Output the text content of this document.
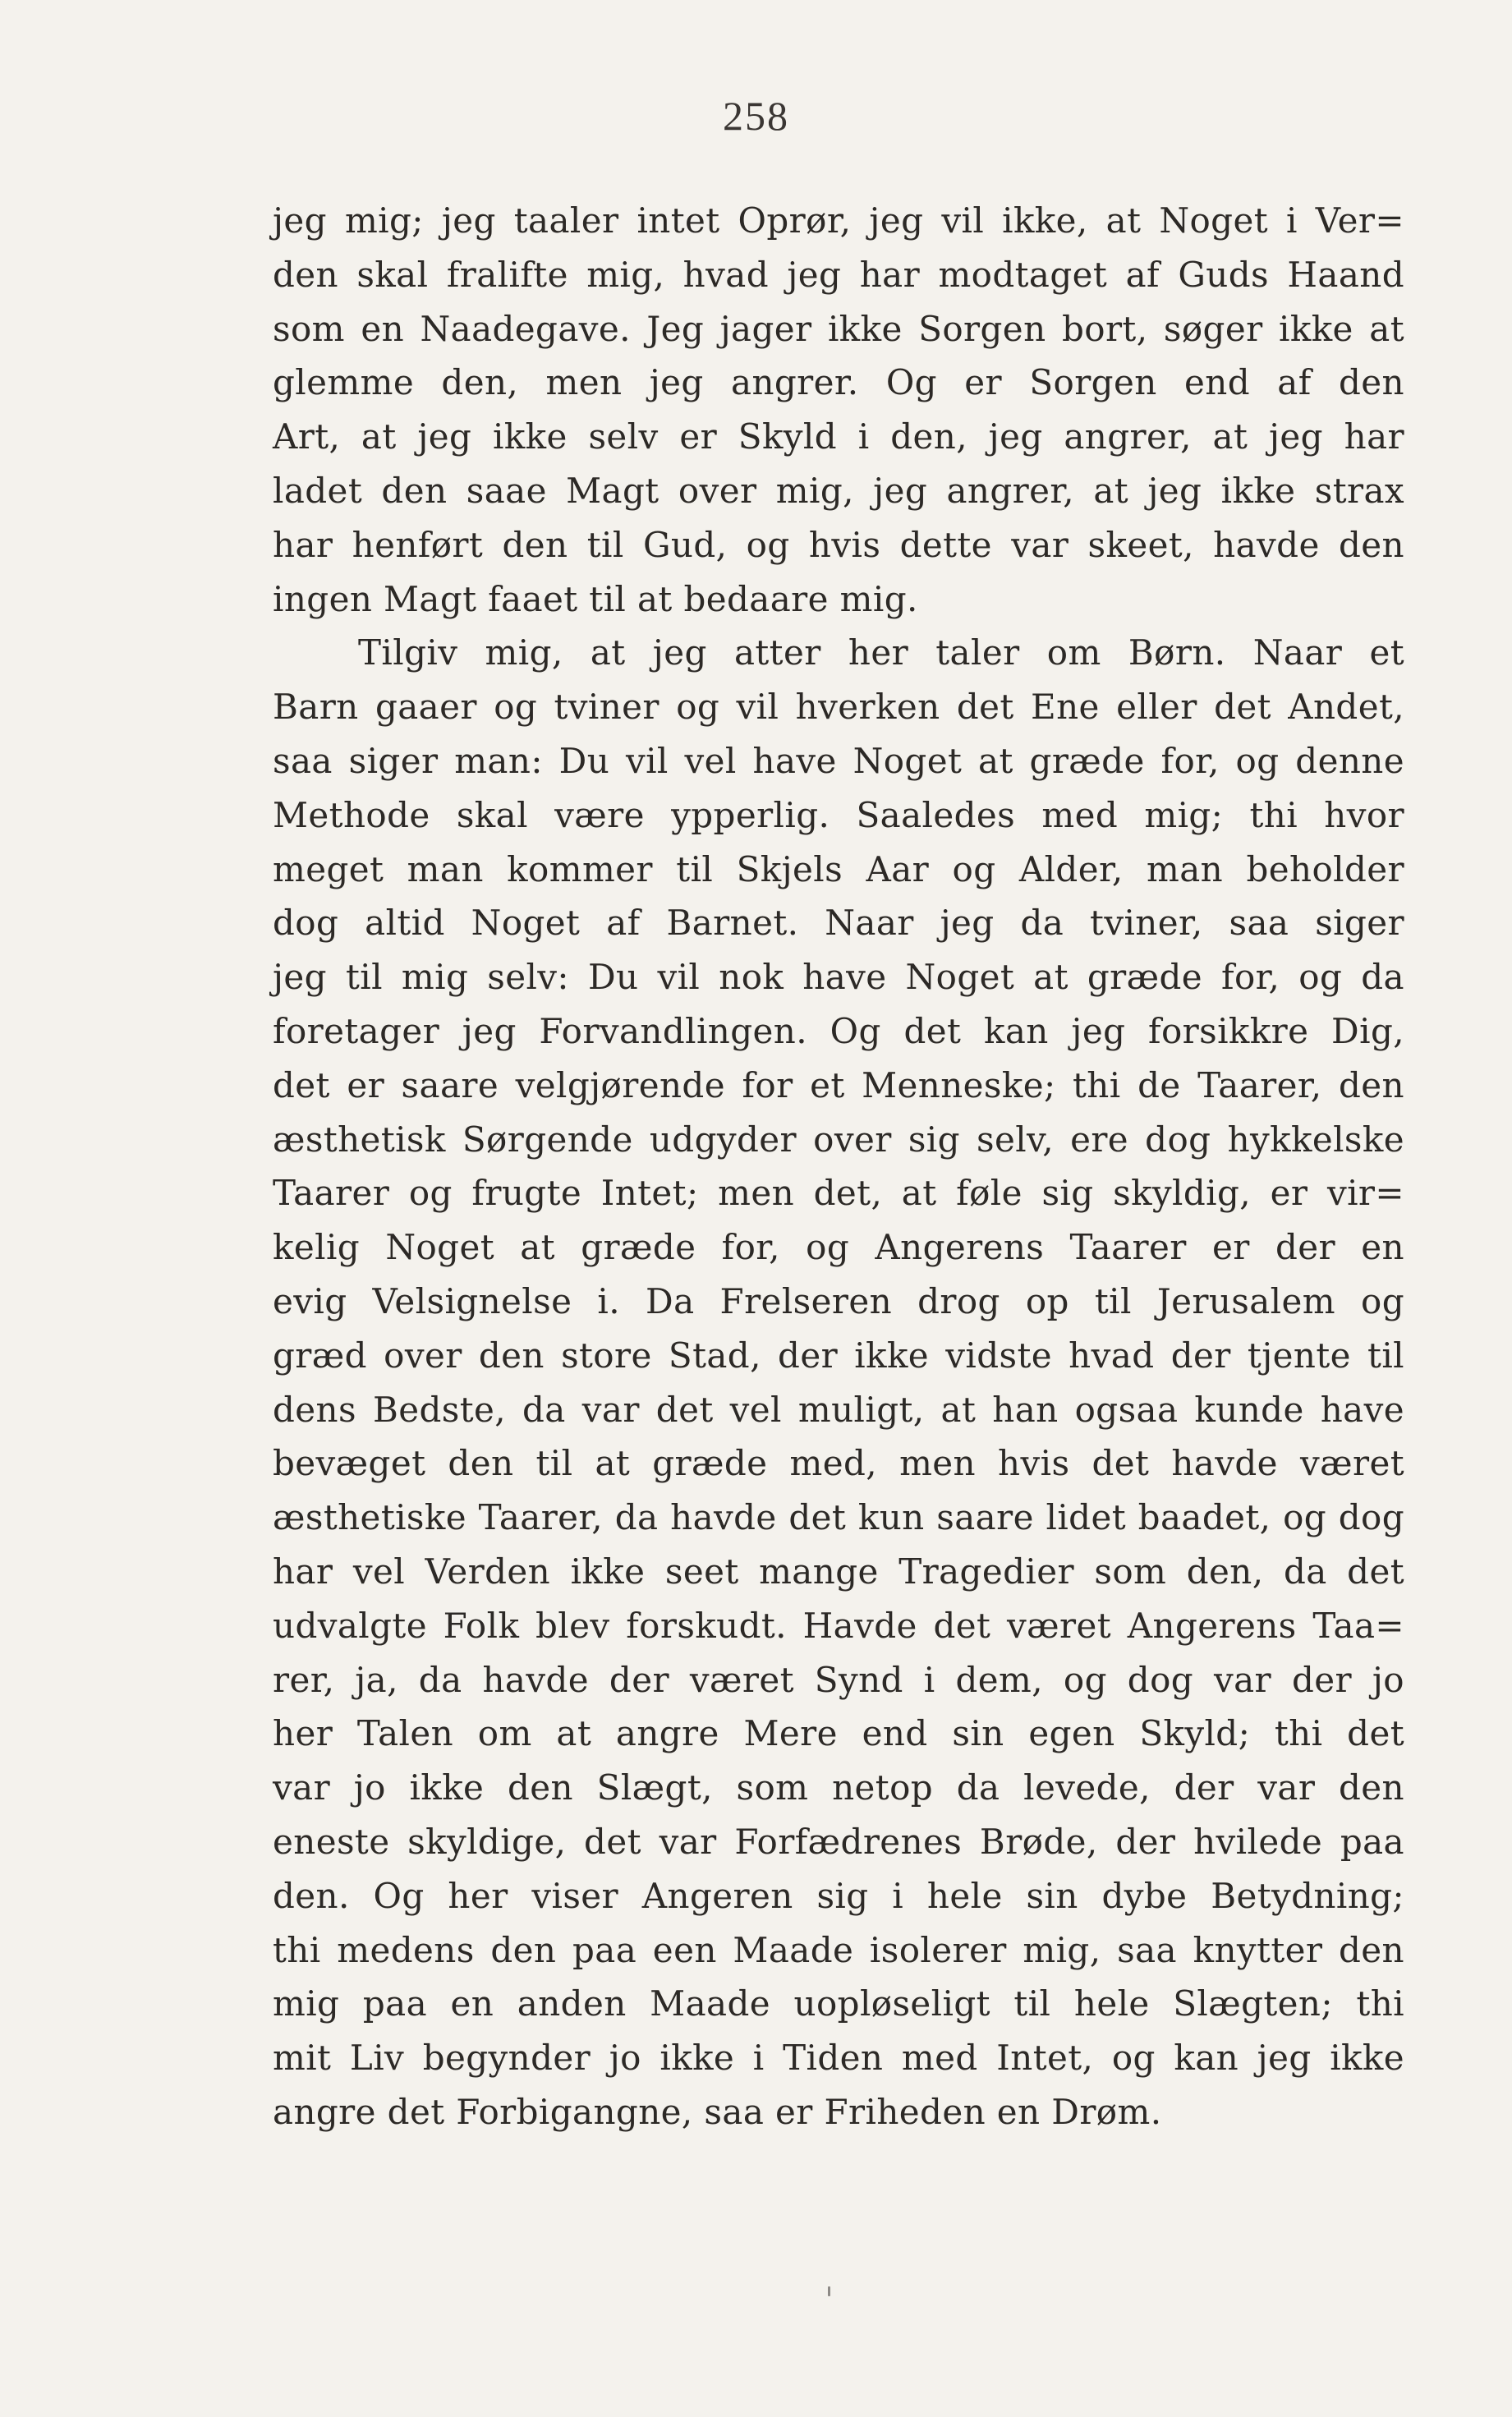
258
jeg mig; jeg taaler intet Oprør, jeg vil ikke, at Noget i Ver=
den skal fralifte mig, hvad jeg har modtaget af Guds Haand
som en Naadegave. Jeg jager ikke Sorgen bort, søger ikke at
glemme den, men jeg angrer. Og er Sorgen end af den
Art, at jeg ikke selv er Skyld i den, jeg angrer, at jeg har
ladet den saae Magt over mig, jeg angrer, at jeg ikke strax
har henført den til Gud, og hvis dette var skeet, havde den
ingen Magt faaet til at bedaare mig.
Tilgiv mig, at jeg atter her taler om Børn. Naar et
Barn gaaer og tviner og vil hverken det Ene eller det Andet,
saa siger man: Du vil vel have Noget at græde for, og denne
Methode skal være ypperlig. Saaledes med mig; thi hvor
meget man kommer til Skjels Aar og Alder, man beholder
dog altid Noget af Barnet. Naar jeg da tviner, saa siger
jeg til mig selv: Du vil nok have Noget at græde for, og da
foretager jeg Forvandlingen. Og det kan jeg forsikkre Dig,
det er saare velgjørende for et Menneske; thi de Taarer, den
æsthetisk Sørgende udgyder over sig selv, ere dog hykkelske
Taarer og frugte Intet; men det, at føle sig skyldig, er vir=
kelig Noget at græde for, og Angerens Taarer er der en
evig Velsignelse i. Da Frelseren drog op til Jerusalem og
græd over den store Stad, der ikke vidste hvad der tjente til
dens Bedste, da var det vel muligt, at han ogsaa kunde have
bevæget den til at græde med, men hvis det havde været
æsthetiske Taarer, da havde det kun saare lidet baadet, og dog
har vel Verden ikke seet mange Tragedier som den, da det
udvalgte Folk blev forskudt. Havde det været Angerens Taa=
rer, ja, da havde der været Synd i dem, og dog var der jo
her Talen om at angre Mere end sin egen Skyld; thi det
var jo ikke den Slægt, som netop da levede, der var den
eneste skyldige, det var Forfædrenes Brøde, der hvilede paa
den. Og her viser Angeren sig i hele sin dybe Betydning;
thi medens den paa een Maade isolerer mig, saa knytter den
mig paa en anden Maade uopløseligt til hele Slægten; thi
mit Liv begynder jo ikke i Tiden med Intet, og kan jeg ikke
angre det Forbigangne, saa er Friheden en Drøm.
